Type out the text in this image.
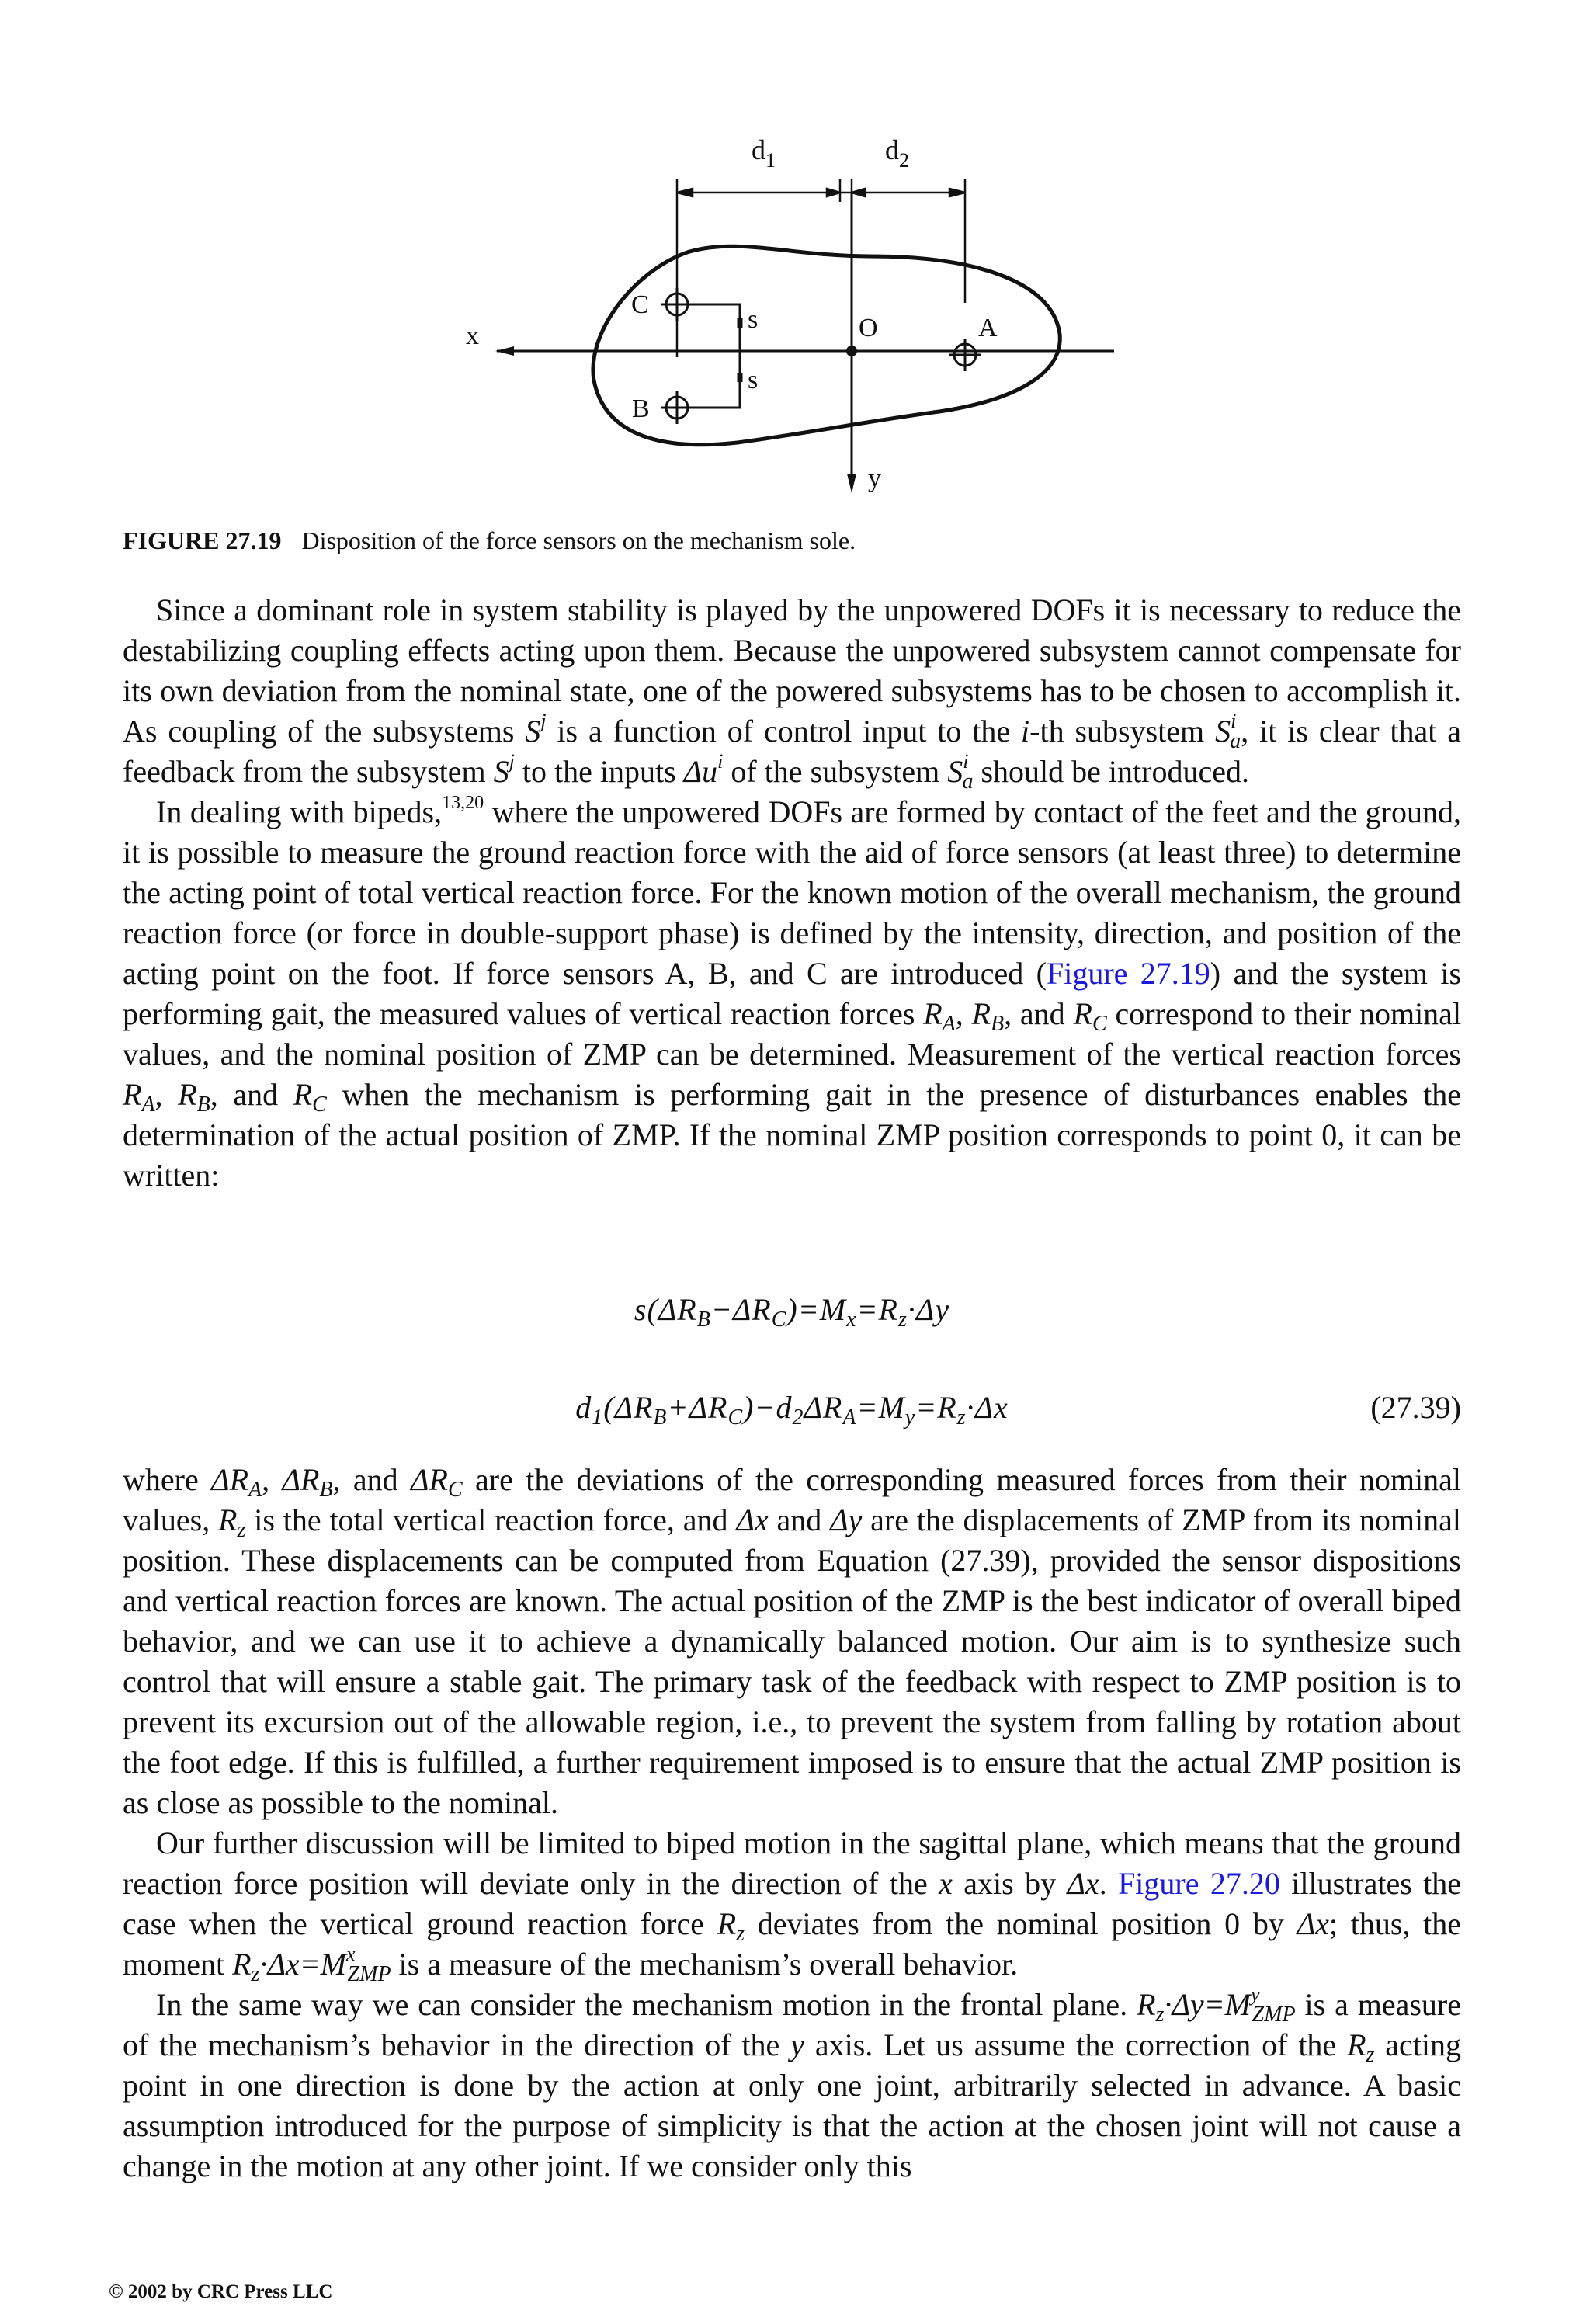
$d_1$	$d_2$
x
y
O	A
C
B
s
s
FIGURE 27.19 Disposition of the force sensors on the mechanism sole.

Since a dominant role in system stability is played by the unpowered DOFs it is necessary to reduce the destabilizing coupling effects acting upon them. Because the unpowered subsystem cannot compensate for its own deviation from the nominal state, one of the powered subsystems has to be chosen to accomplish it. As coupling of the subsystems $S^j$ is a function of control input to the i-th subsystem $S^i_a$, it is clear that a feedback from the subsystem $S^j$ to the inputs $\Delta u^i$ of the subsystem $S^i_a$ should be introduced.

In dealing with bipeds,$^{13,20}$ where the unpowered DOFs are formed by contact of the feet and the ground, it is possible to measure the ground reaction force with the aid of force sensors (at least three) to determine the acting point of total vertical reaction force. For the known motion of the overall mechanism, the ground reaction force (or force in double-support phase) is defined by the intensity, direction, and position of the acting point on the foot. If force sensors A, B, and C are introduced (Figure 27.19) and the system is performing gait, the measured values of vertical reaction forces $R_A$, $R_B$, and $R_C$ correspond to their nominal values, and the nominal position of ZMP can be determined. Measurement of the vertical reaction forces $R_A$, $R_B$, and $R_C$ when the mechanism is performing gait in the presence of disturbances enables the determination of the actual position of ZMP. If the nominal ZMP position corresponds to point 0, it can be written:

$s(\Delta R_B-\Delta R_C)=M_x=R_z\cdot\Delta y$
$d_1(\Delta R_B+\Delta R_C)-d_2\Delta R_A=M_y=R_z\cdot\Delta x$	(27.39)

where $\Delta R_A$, $\Delta R_B$, and $\Delta R_C$ are the deviations of the corresponding measured forces from their nominal values, $R_z$ is the total vertical reaction force, and Δx and Δy are the displacements of ZMP from its nominal position. These displacements can be computed from Equation (27.39), provided the sensor dispositions and vertical reaction forces are known. The actual position of the ZMP is the best indicator of overall biped behavior, and we can use it to achieve a dynamically balanced motion. Our aim is to synthesize such control that will ensure a stable gait. The primary task of the feedback with respect to ZMP position is to prevent its excursion out of the allowable region, i.e., to prevent the system from falling by rotation about the foot edge. If this is fulfilled, a further requirement imposed is to ensure that the actual ZMP position is as close as possible to the nominal.

Our further discussion will be limited to biped motion in the sagittal plane, which means that the ground reaction force position will deviate only in the direction of the x axis by Δx. Figure 27.20 illustrates the case when the vertical ground reaction force $R_z$ deviates from the nominal position 0 by Δx; thus, the moment $R_z\cdot\Delta x=M^x_{ZMP}$ is a measure of the mechanism’s overall behavior.

In the same way we can consider the mechanism motion in the frontal plane. $R_z\cdot\Delta y=M^y_{ZMP}$ is a measure of the mechanism’s behavior in the direction of the y axis. Let us assume the correction of the $R_z$ acting point in one direction is done by the action at only one joint, arbitrarily selected in advance. A basic assumption introduced for the purpose of simplicity is that the action at the chosen joint will not cause a change in the motion at any other joint. If we consider only this

© 2002 by CRC Press LLC
